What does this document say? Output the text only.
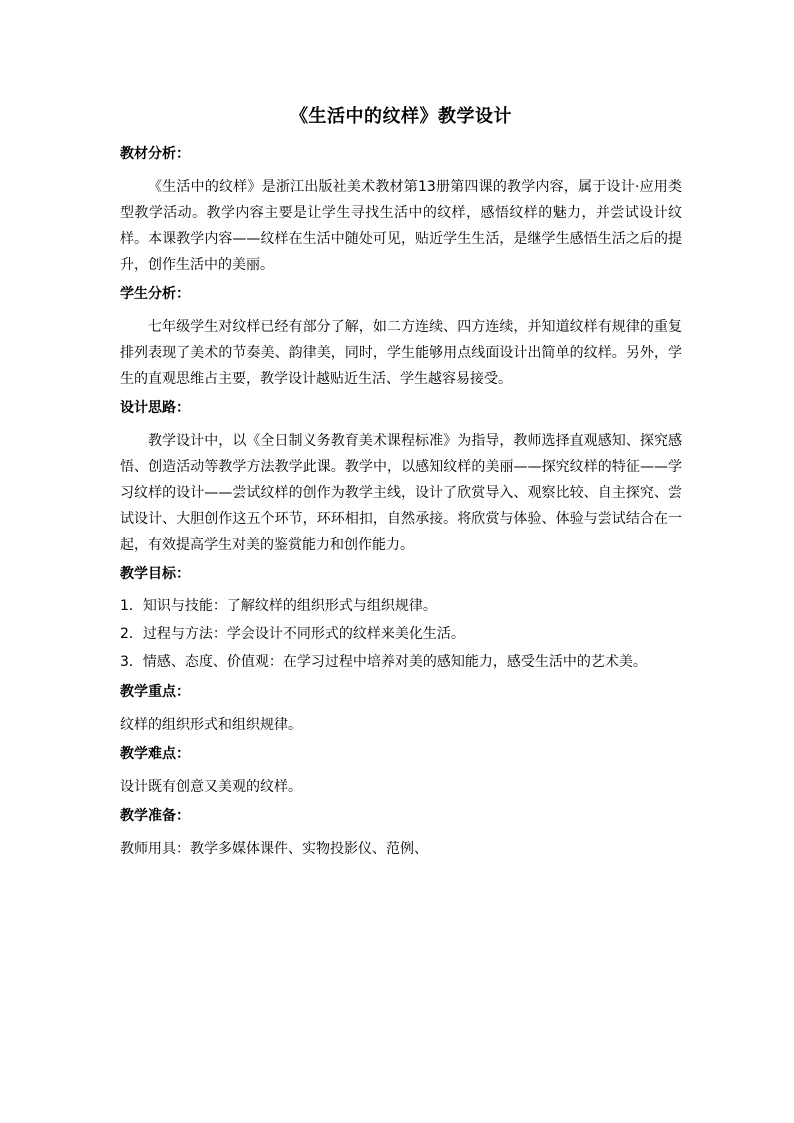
《生活中的纹样》教学设计
教材分析：
《生活中的纹样》是浙江出版社美术教材第13册第四课的教学内容，属于设计·应用类型教学活动。教学内容主要是让学生寻找生活中的纹样，感悟纹样的魅力，并尝试设计纹样。本课教学内容——纹样在生活中随处可见，贴近学生生活，是继学生感悟生活之后的提升，创作生活中的美丽。
学生分析：
七年级学生对纹样已经有部分了解，如二方连续、四方连续，并知道纹样有规律的重复排列表现了美术的节奏美、韵律美，同时，学生能够用点线面设计出简单的纹样。另外，学生的直观思维占主要，教学设计越贴近生活、学生越容易接受。
设计思路：
教学设计中，以《全日制义务教育美术课程标准》为指导，教师选择直观感知、探究感悟、创造活动等教学方法教学此课。教学中，以感知纹样的美丽——探究纹样的特征——学习纹样的设计——尝试纹样的创作为教学主线，设计了欣赏导入、观察比较、自主探究、尝试设计、大胆创作这五个环节，环环相扣，自然承接。将欣赏与体验、体验与尝试结合在一起，有效提高学生对美的鉴赏能力和创作能力。
教学目标：
1．知识与技能：了解纹样的组织形式与组织规律。
2．过程与方法：学会设计不同形式的纹样来美化生活。
3．情感、态度、价值观：在学习过程中培养对美的感知能力，感受生活中的艺术美。
教学重点：
纹样的组织形式和组织规律。
教学难点：
设计既有创意又美观的纹样。
教学准备：
教师用具：教学多媒体课件、实物投影仪、范例、
